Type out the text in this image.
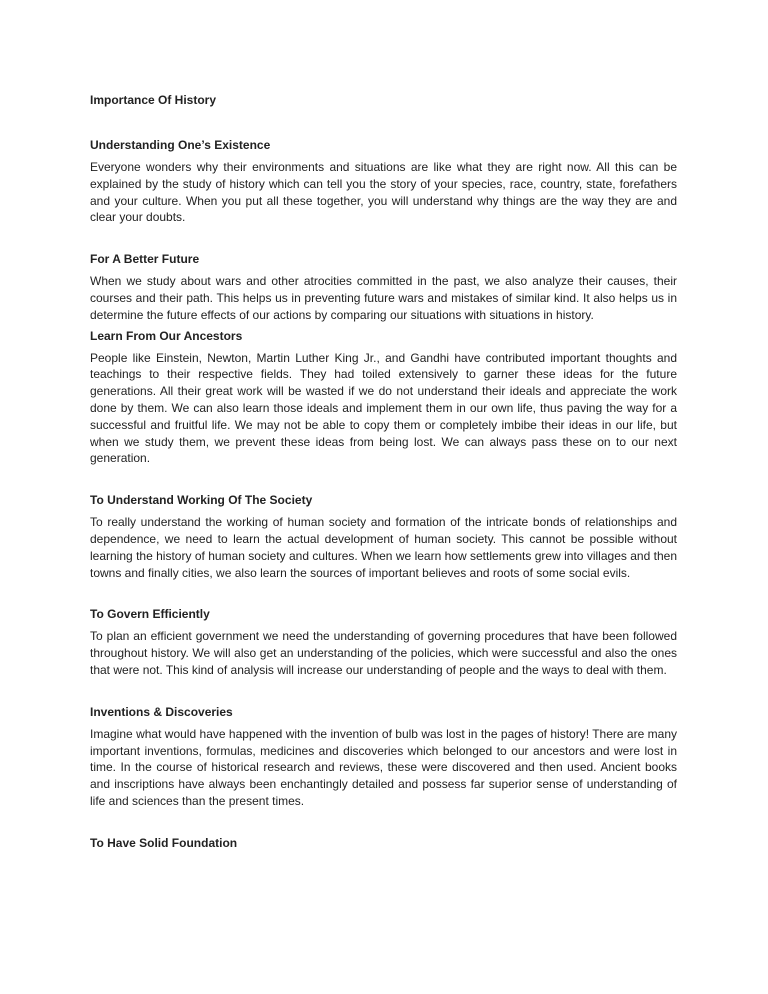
Importance Of History
Understanding One’s Existence

Everyone wonders why their environments and situations are like what they are right now. All this can be explained by the study of history which can tell you the story of your species, race, country, state, forefathers and your culture. When you put all these together, you will understand why things are the way they are and clear your doubts.

For A Better Future

When we study about wars and other atrocities committed in the past, we also analyze their causes, their courses and their path. This helps us in preventing future wars and mistakes of similar kind. It also helps us in determine the future effects of our actions by comparing our situations with situations in history.

Learn From Our Ancestors

People like Einstein, Newton, Martin Luther King Jr., and Gandhi have contributed important thoughts and teachings to their respective fields. They had toiled extensively to garner these ideas for the future generations. All their great work will be wasted if we do not understand their ideals and appreciate the work done by them. We can also learn those ideals and implement them in our own life, thus paving the way for a successful and fruitful life. We may not be able to copy them or completely imbibe their ideas in our life, but when we study them, we prevent these ideas from being lost. We can always pass these on to our next generation.

To Understand Working Of The Society

To really understand the working of human society and formation of the intricate bonds of relationships and dependence, we need to learn the actual development of human society. This cannot be possible without learning the history of human society and cultures. When we learn how settlements grew into villages and then towns and finally cities, we also learn the sources of important believes and roots of some social evils.

To Govern Efficiently

To plan an efficient government we need the understanding of governing procedures that have been followed throughout history. We will also get an understanding of the policies, which were successful and also the ones that were not. This kind of analysis will increase our understanding of people and the ways to deal with them.

Inventions & Discoveries

Imagine what would have happened with the invention of bulb was lost in the pages of history! There are many important inventions, formulas, medicines and discoveries which belonged to our ancestors and were lost in time. In the course of historical research and reviews, these were discovered and then used. Ancient books and inscriptions have always been enchantingly detailed and possess far superior sense of understanding of life and sciences than the present times.

To Have Solid Foundation
